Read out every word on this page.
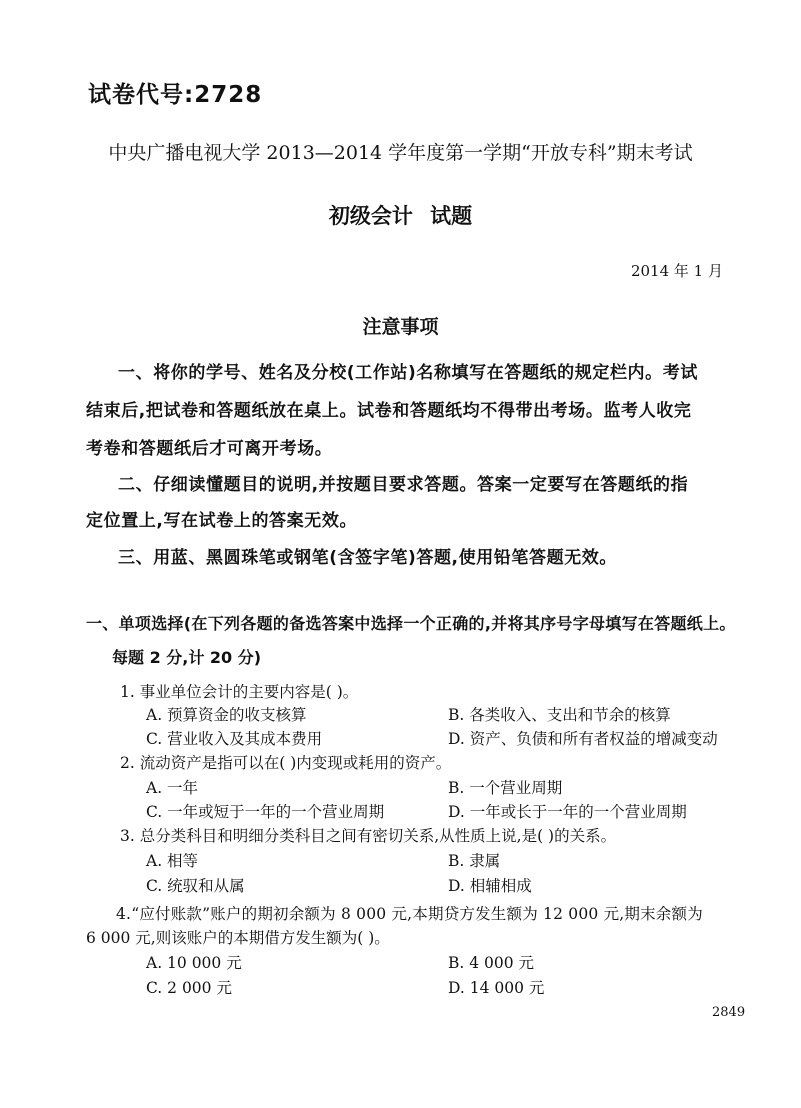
试卷代号:2728
中央广播电视大学 2013—2014 学年度第一学期“开放专科”期末考试
初级会计 试题
2014 年 1 月
注意事项
一、将你的学号、姓名及分校(工作站)名称填写在答题纸的规定栏内。考试
结束后,把试卷和答题纸放在桌上。试卷和答题纸均不得带出考场。监考人收完
考卷和答题纸后才可离开考场。
二、仔细读懂题目的说明,并按题目要求答题。答案一定要写在答题纸的指
定位置上,写在试卷上的答案无效。
三、用蓝、黑圆珠笔或钢笔(含签字笔)答题,使用铅笔答题无效。
一、单项选择(在下列各题的备选答案中选择一个正确的,并将其序号字母填写在答题纸上。
每题 2 分,计 20 分)
1. 事业单位会计的主要内容是( )。
A. 预算资金的收支核算	B. 各类收入、支出和节余的核算
C. 营业收入及其成本费用	D. 资产、负债和所有者权益的增减变动
2. 流动资产是指可以在( )内变现或耗用的资产。
A. 一年	B. 一个营业周期
C. 一年或短于一年的一个营业周期	D. 一年或长于一年的一个营业周期
3. 总分类科目和明细分类科目之间有密切关系,从性质上说,是( )的关系。
A. 相等	B. 隶属
C. 统驭和从属	D. 相辅相成
4.“应付账款”账户的期初余额为 8 000 元,本期贷方发生额为 12 000 元,期末余额为
6 000 元,则该账户的本期借方发生额为( )。
A. 10 000 元	B. 4 000 元
C. 2 000 元	D. 14 000 元
2849
